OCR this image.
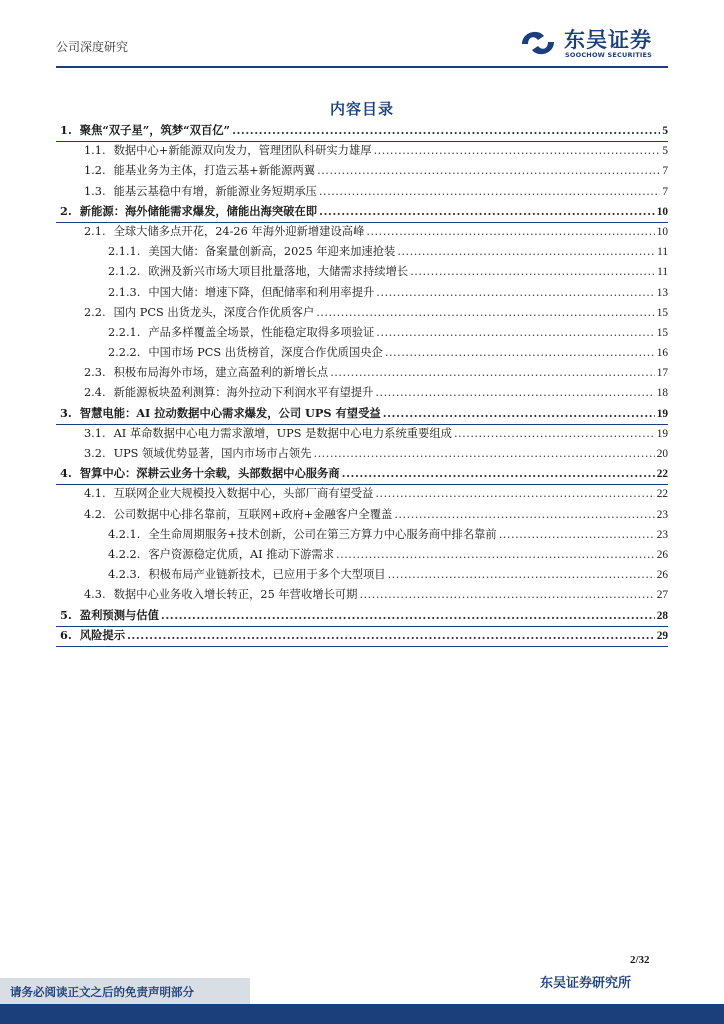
公司深度研究	东吴证券
SOOCHOW SECURITIES
内容目录
1. 聚焦“双子星”，筑梦“双百亿” .....	5
1.1. 数据中心+新能源双向发力，管理团队科研实力雄厚 .....	5
1.2. 能基业务为主体，打造云基+新能源两翼 .....	7
1.3. 能基云基稳中有增，新能源业务短期承压 .....	7
2. 新能源：海外储能需求爆发，储能出海突破在即 .....	10
2.1. 全球大储多点开花，24-26 年海外迎新增建设高峰 .....	10
2.1.1. 美国大储：备案量创新高，2025 年迎来加速抢装 .....	11
2.1.2. 欧洲及新兴市场大项目批量落地，大储需求持续增长 .....	11
2.1.3. 中国大储：增速下降，但配储率和利用率提升 .....	13
2.2. 国内 PCS 出货龙头，深度合作优质客户 .....	15
2.2.1. 产品多样覆盖全场景，性能稳定取得多项验证 .....	15
2.2.2. 中国市场 PCS 出货榜首，深度合作优质国央企 .....	16
2.3. 积极布局海外市场，建立高盈利的新增长点 .....	17
2.4. 新能源板块盈利测算：海外拉动下利润水平有望提升 .....	18
3. 智慧电能：AI 拉动数据中心需求爆发，公司 UPS 有望受益 .....	19
3.1. AI 革命数据中心电力需求激增，UPS 是数据中心电力系统重要组成 .....	19
3.2. UPS 领域优势显著，国内市场市占领先 .....	20
4. 智算中心：深耕云业务十余载，头部数据中心服务商 .....	22
4.1. 互联网企业大规模投入数据中心，头部厂商有望受益 .....	22
4.2. 公司数据中心排名靠前，互联网+政府+金融客户全覆盖 .....	23
4.2.1. 全生命周期服务+技术创新，公司在第三方算力中心服务商中排名靠前 .....	23
4.2.2. 客户资源稳定优质，AI 推动下游需求 .....	26
4.2.3. 积极布局产业链新技术，已应用于多个大型项目 .....	26
4.3. 数据中心业务收入增长转正，25 年营收增长可期 .....	27
5. 盈利预测与估值 .....	28
6. 风险提示 .....	29
2/32
请务必阅读正文之后的免责声明部分
东吴证券研究所
